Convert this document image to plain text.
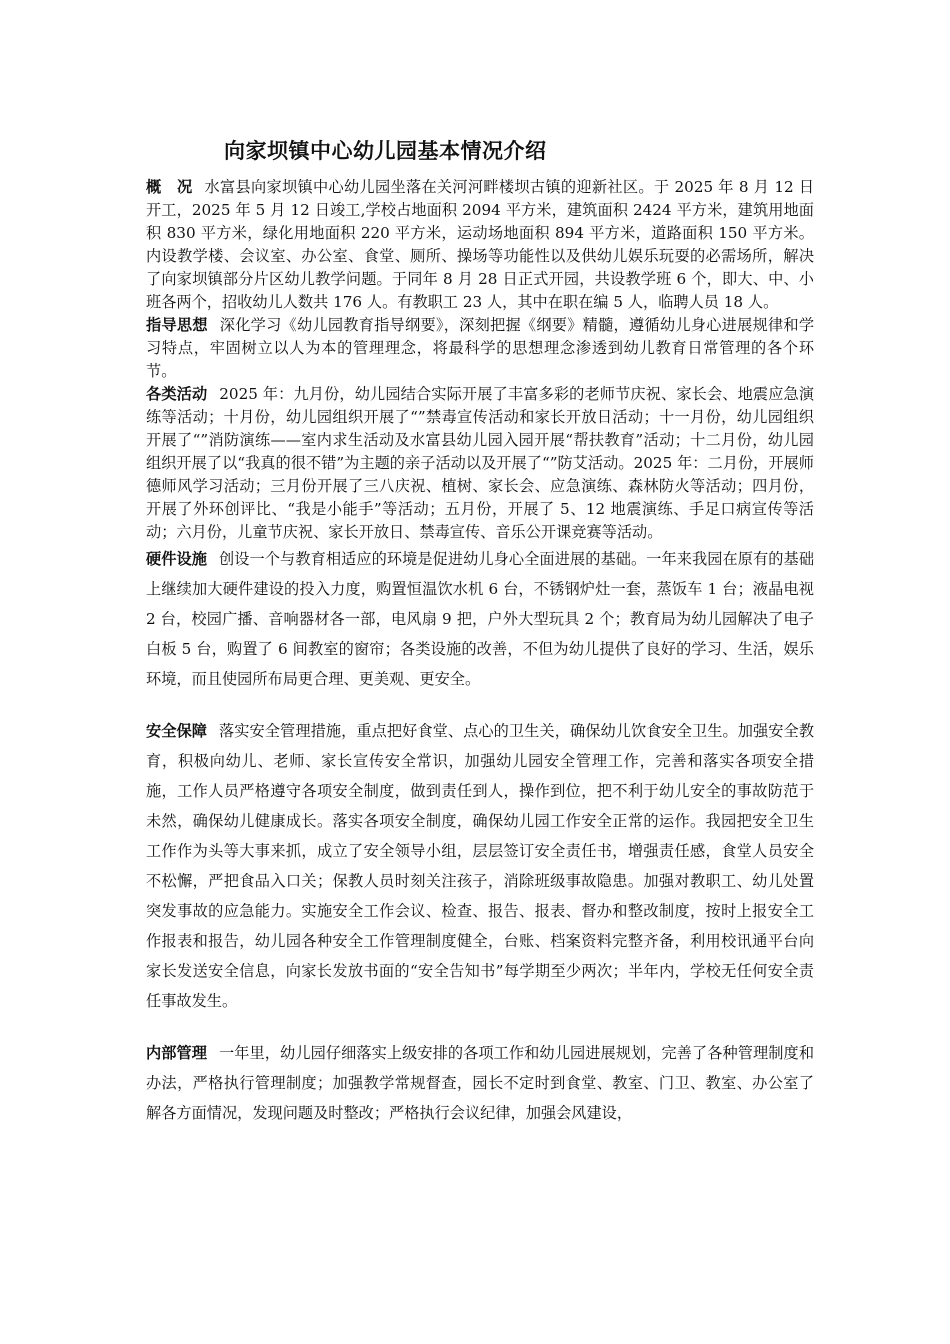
向家坝镇中心幼儿园基本情况介绍

概　况 水富县向家坝镇中心幼儿园坐落在关河河畔楼坝古镇的迎新社区。于 2025 年 8 月 12 日开工，2025 年 5 月 12 日竣工,学校占地面积 2094 平方米，建筑面积 2424 平方米，建筑用地面积 830 平方米，绿化用地面积 220 平方米，运动场地面积 894 平方米，道路面积 150 平方米。内设教学楼、会议室、办公室、食堂、厕所、操场等功能性以及供幼儿娱乐玩耍的必需场所，解决了向家坝镇部分片区幼儿教学问题。于同年 8 月 28 日正式开园，共设教学班 6 个，即大、中、小班各两个，招收幼儿人数共 176 人。有教职工 23 人，其中在职在编 5 人，临聘人员 18 人。

指导思想 深化学习《幼儿园教育指导纲要》，深刻把握《纲要》精髓，遵循幼儿身心进展规律和学习特点，牢固树立以人为本的管理理念，将最科学的思想理念渗透到幼儿教育日常管理的各个环节。

各类活动 2025 年：九月份，幼儿园结合实际开展了丰富多彩的老师节庆祝、家长会、地震应急演练等活动；十月份，幼儿园组织开展了“”禁毒宣传活动和家长开放日活动；十一月份，幼儿园组织开展了“”消防演练——室内求生活动及水富县幼儿园入园开展“帮扶教育”活动；十二月份，幼儿园组织开展了以“我真的很不错”为主题的亲子活动以及开展了“”防艾活动。2025 年：二月份，开展师德师风学习活动；三月份开展了三八庆祝、植树、家长会、应急演练、森林防火等活动；四月份，开展了外环创评比、“我是小能手”等活动；五月份，开展了 5、12 地震演练、手足口病宣传等活动；六月份，儿童节庆祝、家长开放日、禁毒宣传、音乐公开课竞赛等活动。

硬件设施 创设一个与教育相适应的环境是促进幼儿身心全面进展的基础。一年来我园在原有的基础上继续加大硬件建设的投入力度，购置恒温饮水机 6 台，不锈钢炉灶一套，蒸饭车 1 台；液晶电视 2 台，校园广播、音响器材各一部，电风扇 9 把，户外大型玩具 2 个；教育局为幼儿园解决了电子白板 5 台，购置了 6 间教室的窗帘；各类设施的改善，不但为幼儿提供了良好的学习、生活，娱乐环境，而且使园所布局更合理、更美观、更安全。

安全保障 落实安全管理措施，重点把好食堂、点心的卫生关，确保幼儿饮食安全卫生。加强安全教育，积极向幼儿、老师、家长宣传安全常识，加强幼儿园安全管理工作，完善和落实各项安全措施，工作人员严格遵守各项安全制度，做到责任到人，操作到位，把不利于幼儿安全的事故防范于未然，确保幼儿健康成长。落实各项安全制度，确保幼儿园工作安全正常的运作。我园把安全卫生工作作为头等大事来抓，成立了安全领导小组，层层签订安全责任书，增强责任感，食堂人员安全不松懈，严把食品入口关；保教人员时刻关注孩子，消除班级事故隐患。加强对教职工、幼儿处置突发事故的应急能力。实施安全工作会议、检查、报告、报表、督办和整改制度，按时上报安全工作报表和报告，幼儿园各种安全工作管理制度健全，台账、档案资料完整齐备，利用校讯通平台向家长发送安全信息，向家长发放书面的“安全告知书”每学期至少两次；半年内，学校无任何安全责任事故发生。

内部管理 一年里，幼儿园仔细落实上级安排的各项工作和幼儿园进展规划，完善了各种管理制度和办法，严格执行管理制度；加强教学常规督查，园长不定时到食堂、教室、门卫、教室、办公室了解各方面情况，发现问题及时整改；严格执行会议纪律，加强会风建设，
